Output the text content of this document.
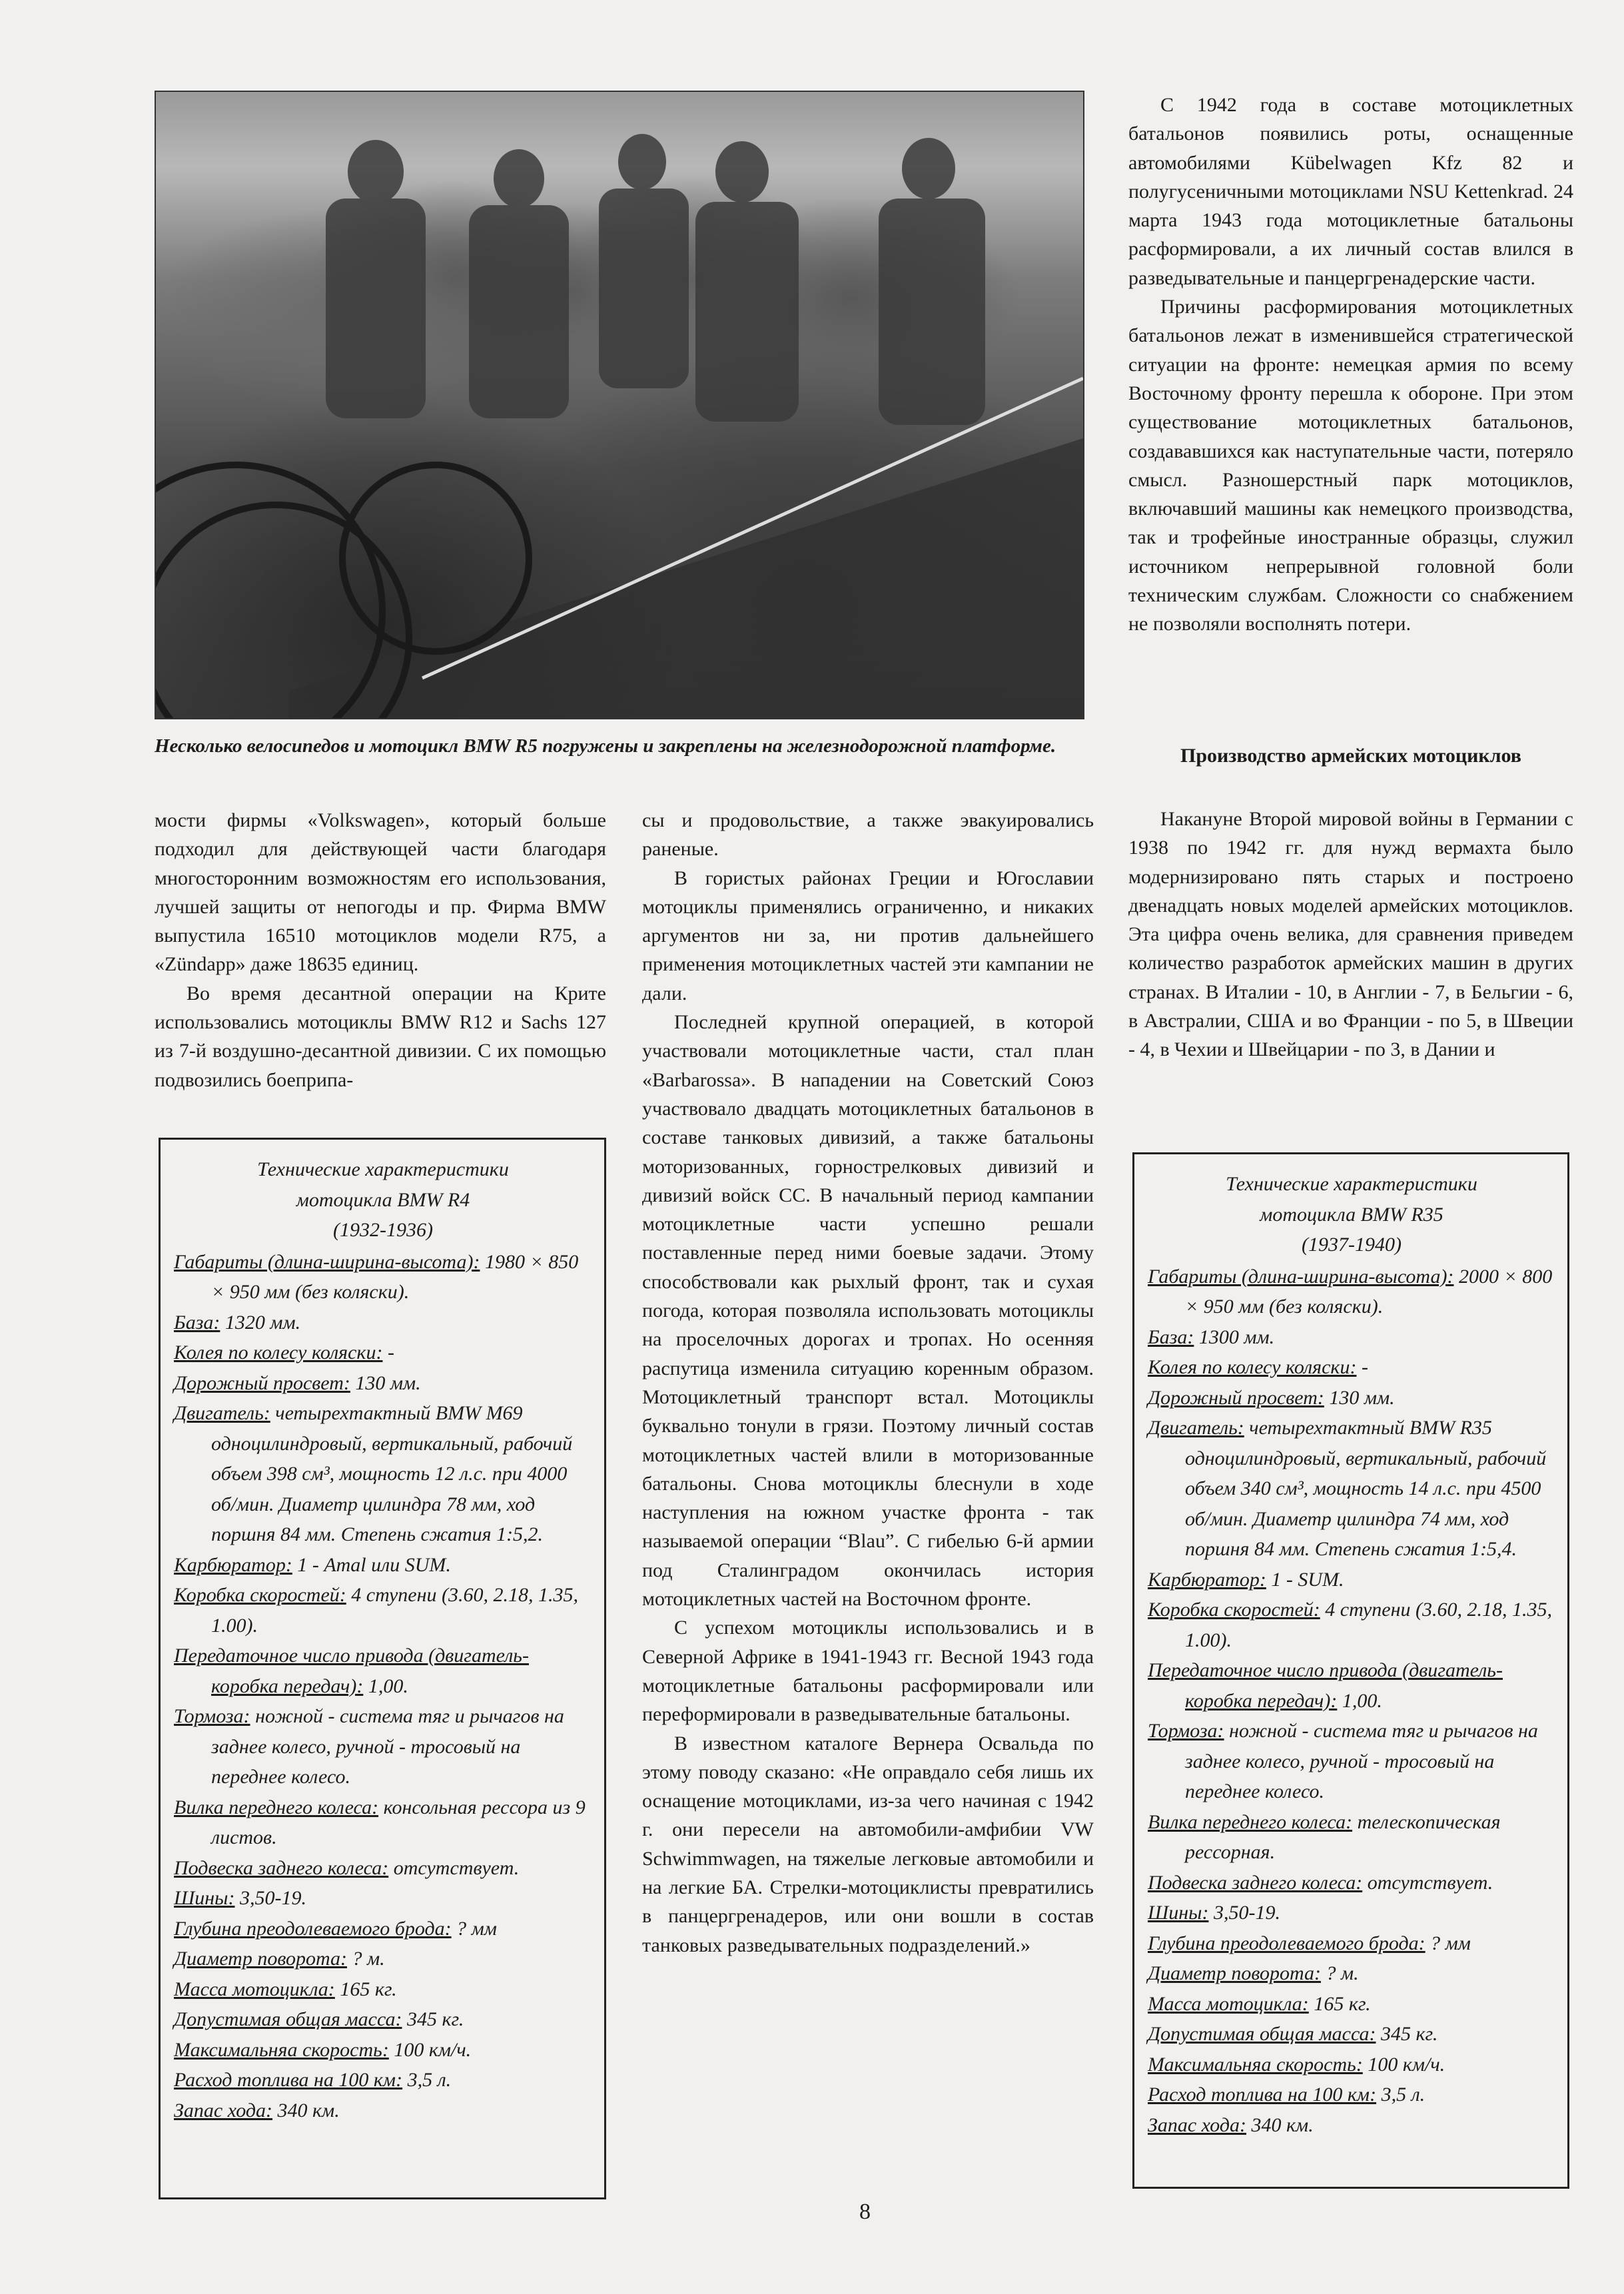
Несколько велосипедов и мотоцикл BMW R5 погружены и закреплены на железнодорожной платформе.

мости фирмы «Volkswagen», который больше подходил для действующей части благодаря многосторонним возможностям его использования, лучшей защиты от непогоды и пр. Фирма BMW выпустила 16510 мотоциклов модели R75, а «Zündapp» даже 18635 единиц.

Во время десантной операции на Крите использовались мотоциклы BMW R12 и Sachs 127 из 7-й воздушно-десантной дивизии. С их помощью подвозились боеприпа-

сы и продовольствие, а также эвакуировались раненые.

В гористых районах Греции и Югославии мотоциклы применялись ограниченно, и никаких аргументов ни за, ни против дальнейшего применения мотоциклетных частей эти кампании не дали.

Последней крупной операцией, в которой участвовали мотоциклетные части, стал план «Barbarossa». В нападении на Советский Союз участвовало двадцать мотоциклетных батальонов в составе танковых дивизий, а также батальоны моторизованных, горнострелковых дивизий и дивизий войск СС. В начальный период кампании мотоциклетные части успешно решали поставленные перед ними боевые задачи. Этому способствовали как рыхлый фронт, так и сухая погода, которая позволяла использовать мотоциклы на проселочных дорогах и тропах. Но осенняя распутица изменила ситуацию коренным образом. Мотоциклетный транспорт встал. Мотоциклы буквально тонули в грязи. Поэтому личный состав мотоциклетных частей влили в моторизованные батальоны. Снова мотоциклы блеснули в ходе наступления на южном участке фронта - так называемой операции “Blau”. С гибелью 6-й армии под Сталинградом окончилась история мотоциклетных частей на Восточном фронте.

С успехом мотоциклы использовались и в Северной Африке в 1941-1943 гг. Весной 1943 года мотоциклетные батальоны расформировали или переформировали в разведывательные батальоны.

В известном каталоге Вернера Освальда по этому поводу сказано: «Не оправдало себя лишь их оснащение мотоциклами, из-за чего начиная с 1942 г. они пересели на автомобили-амфибии VW Schwimmwagen, на тяжелые легковые автомобили и на легкие БА. Стрелки-мотоциклисты превратились в панцергренадеров, или они вошли в состав танковых разведывательных подразделений.»

С 1942 года в составе мотоциклетных батальонов появились роты, оснащенные автомобилями Kübelwagen Kfz 82 и полугусеничными мотоциклами NSU Kettenkrad. 24 марта 1943 года мотоциклетные батальоны расформировали, а их личный состав влился в разведывательные и панцергренадерские части.

Причины расформирования мотоциклетных батальонов лежат в изменившейся стратегической ситуации на фронте: немецкая армия по всему Восточному фронту перешла к обороне. При этом существование мотоциклетных батальонов, создававшихся как наступательные части, потеряло смысл. Разношерстный парк мотоциклов, включавший машины как немецкого производства, так и трофейные иностранные образцы, служил источником непрерывной головной боли техническим службам. Сложности со снабжением не позволяли восполнять потери.

Производство армейских мотоциклов

Накануне Второй мировой войны в Германии с 1938 по 1942 гг. для нужд вермахта было модернизировано пять старых и построено двенадцать новых моделей армейских мотоциклов. Эта цифра очень велика, для сравнения приведем количество разработок армейских машин в других странах. В Италии - 10, в Англии - 7, в Бельгии - 6, в Австралии, США и во Франции - по 5, в Швеции - 4, в Чехии и Швейцарии - по 3, в Дании и

Технические характеристики
мотоцикла BMW R4
(1932-1936)

Габариты (длина-ширина-высота): 1980 × 850 × 950 мм (без коляски).

База: 1320 мм.

Колея по колесу коляски: -

Дорожный просвет: 130 мм.

Двигатель: четырехтактный BMW M69 одноцилиндровый, вертикальный, рабочий объем 398 см³, мощность 12 л.с. при 4000 об/мин. Диаметр цилиндра 78 мм, ход поршня 84 мм. Степень сжатия 1:5,2.

Карбюратор: 1 - Amal или SUM.

Коробка скоростей: 4 ступени (3.60, 2.18, 1.35, 1.00).

Передаточное число привода (двигатель-коробка передач): 1,00.

Тормоза: ножной - система тяг и рычагов на заднее колесо, ручной - тросовый на переднее колесо.

Вилка переднего колеса: консольная рессора из 9 листов.

Подвеска заднего колеса: отсутствует.

Шины: 3,50-19.

Глубина преодолеваемого брода: ? мм

Диаметр поворота: ? м.

Масса мотоцикла: 165 кг.

Допустимая общая масса: 345 кг.

Максимальняа скорость: 100 км/ч.

Расход топлива на 100 км: 3,5 л.

Запас хода: 340 км.

Технические характеристики
мотоцикла BMW R35
(1937-1940)

Габариты (длина-ширина-высота): 2000 × 800 × 950 мм (без коляски).

База: 1300 мм.

Колея по колесу коляски: -

Дорожный просвет: 130 мм.

Двигатель: четырехтактный BMW R35 одноцилиндровый, вертикальный, рабочий объем 340 см³, мощность 14 л.с. при 4500 об/мин. Диаметр цилиндра 74 мм, ход поршня 84 мм. Степень сжатия 1:5,4.

Карбюратор: 1 - SUM.

Коробка скоростей: 4 ступени (3.60, 2.18, 1.35, 1.00).

Передаточное число привода (двигатель-коробка передач): 1,00.

Тормоза: ножной - система тяг и рычагов на заднее колесо, ручной - тросовый на переднее колесо.

Вилка переднего колеса: телескопическая рессорная.

Подвеска заднего колеса: отсутствует.

Шины: 3,50-19.

Глубина преодолеваемого брода: ? мм

Диаметр поворота: ? м.

Масса мотоцикла: 165 кг.

Допустимая общая масса: 345 кг.

Максимальняа скорость: 100 км/ч.

Расход топлива на 100 км: 3,5 л.

Запас хода: 340 км.

8
